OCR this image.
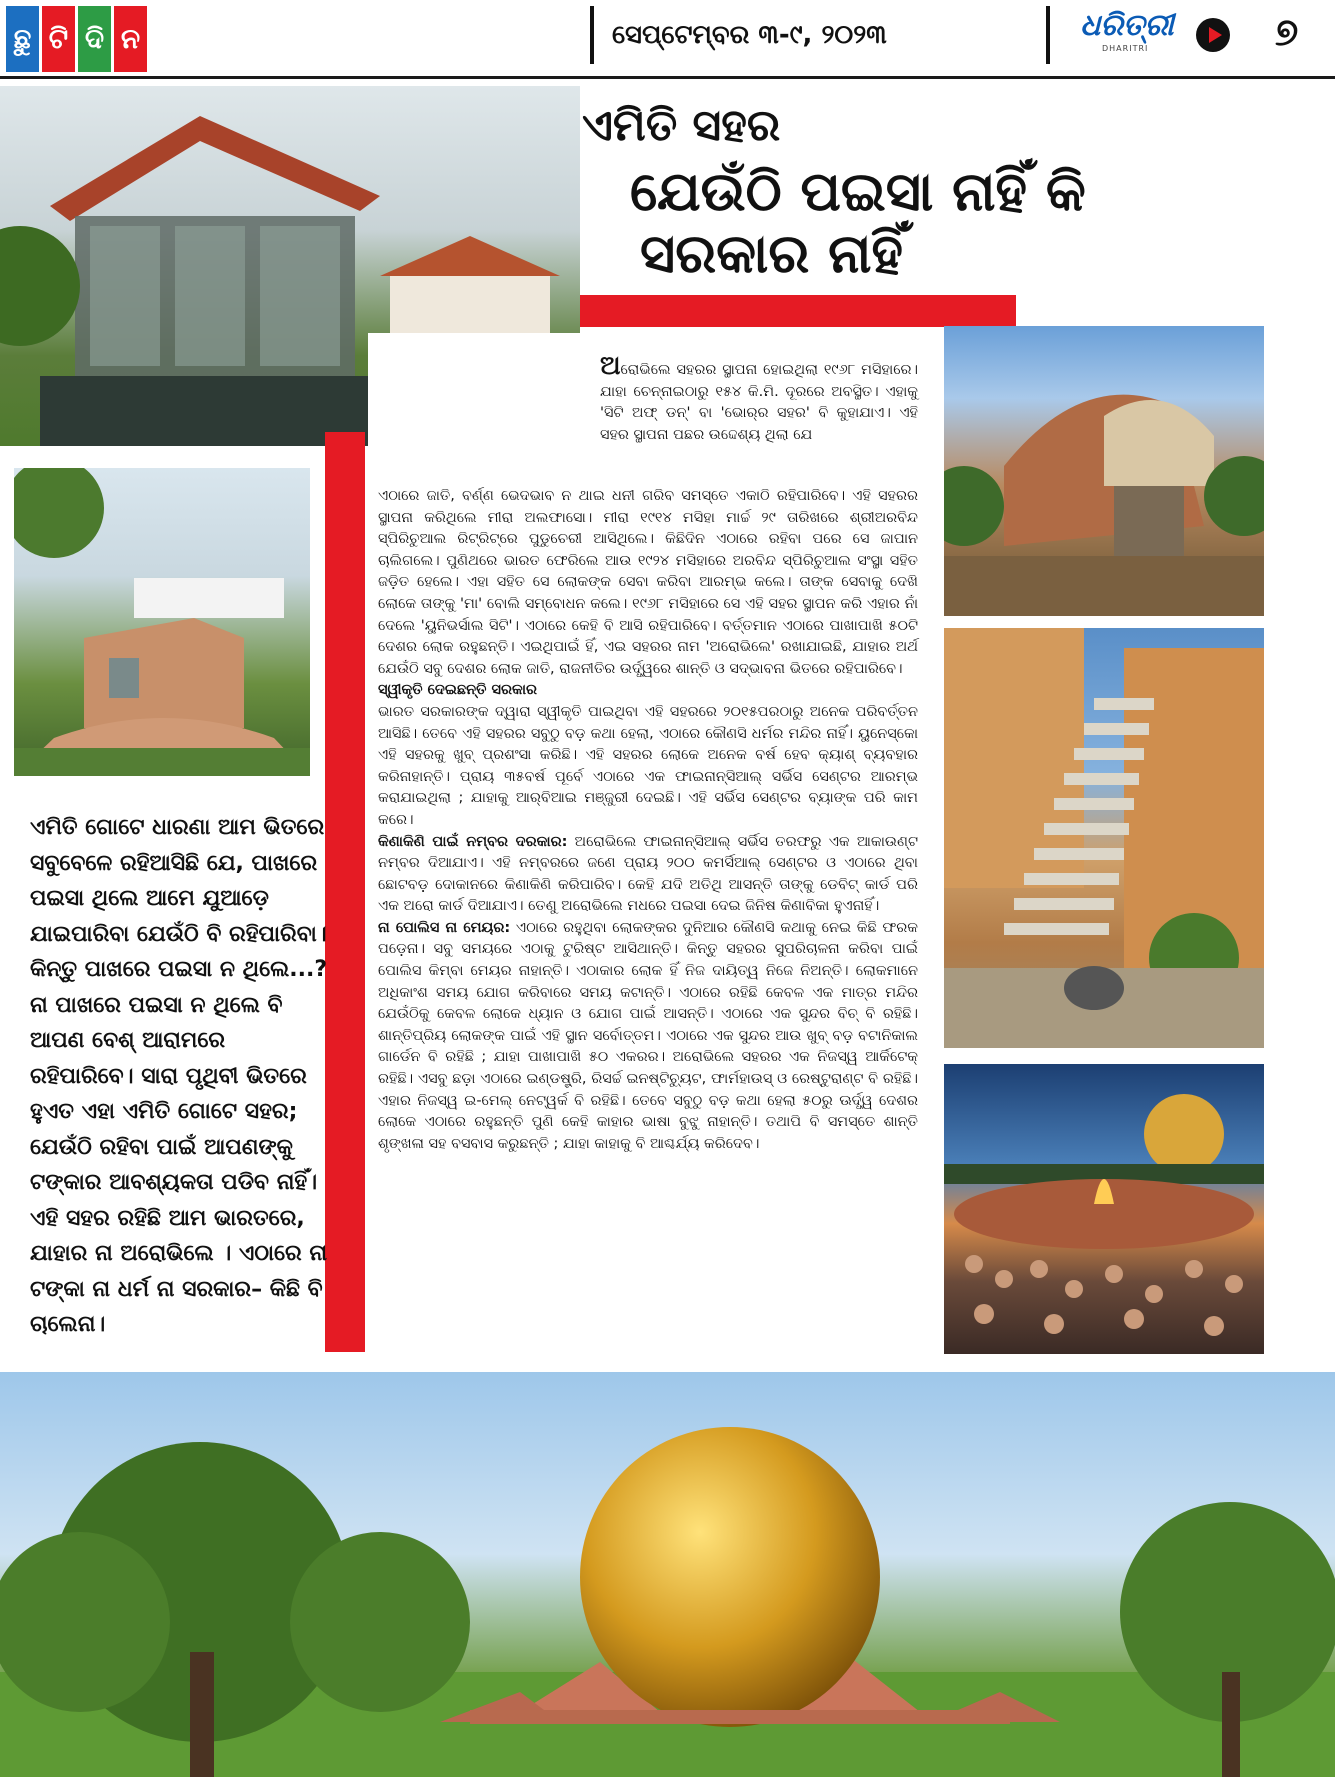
ଛୁ ଟି ଦି ନ	ସେପ୍ଟେମ୍ବର ୩-୯, ୨୦୨୩	ଧରିତ୍ରୀ
DHARITRI	୭
ଏମିତି ସହର
ଯେଉଁଠି ପଇସା ନାହିଁ କି
ସରକାର ନାହିଁ
ଅରୋଭିଲେ ସହରର ସ୍ଥାପନା ହୋଇଥିଲା ୧୯୬୮ ମସିହାରେ। ଯାହା ଚେନ୍ନାଇଠାରୁ ୧୫୪ କି.ମି. ଦୂରରେ ଅବସ୍ଥିତ। ଏହାକୁ 'ସିଟି ଅଫ୍ ଡନ୍' ବା 'ଭୋର୍‌ର ସହର' ବି କୁହାଯାଏ। ଏହି ସହର ସ୍ଥାପନା ପଛର ଉଦ୍ଦେଶ୍ୟ ଥିଲା ଯେ

ଏଠାରେ ଜାତି, ବର୍ଣ୍ଣ ଭେଦଭାବ ନ ଥାଇ ଧନୀ ଗରିବ ସମସ୍ତେ ଏକାଠି ରହିପାରିବେ। ଏହି ସହରର ସ୍ଥାପନା କରିଥିଲେ ମୀରା ଅଲଫାସୋ। ମୀରା ୧୯୧୪ ମସିହା ମାର୍ଚ୍ଚ ୨୯ ତାରିଖରେ ଶ୍ରୀଅରବିନ୍ଦ ସ୍ପିରିଚୁଆଲ ରିଟ୍ରିଟ୍‌ରେ ପୁଡୁଚେରୀ ଆସିଥିଲେ। କିଛିଦିନ ଏଠାରେ ରହିବା ପରେ ସେ ଜାପାନ ଚାଲିଗଲେ। ପୁଣିଥରେ ଭାରତ ଫେରିଲେ ଆଉ ୧୯୨୪ ମସିହାରେ ଅରବିନ୍ଦ ସ୍ପିରିଚୁଆଲ ସଂସ୍ଥା ସହିତ ଜଡ଼ିତ ହେଲେ। ଏହା ସହିତ ସେ ଲୋକଙ୍କ ସେବା କରିବା ଆରମ୍ଭ କଲେ। ତାଙ୍କ ସେବାକୁ ଦେଖି ଲୋକେ ତାଙ୍କୁ 'ମା' ବୋଲି ସମ୍ବୋଧନ କଲେ। ୧୯୬୮ ମସିହାରେ ସେ ଏହି ସହର ସ୍ଥାପନ କରି ଏହାର ନାଁ ଦେଲେ 'ୟୁନିଭର୍ସାଲ ସିଟି'। ଏଠାରେ କେହି ବି ଆସି ରହିପାରିବେ। ବର୍ତ୍ତମାନ ଏଠାରେ ପାଖାପାଖି ୫୦ଟି ଦେଶର ଲୋକ ରହୁଛନ୍ତି। ଏଇଥିପାଇଁ ହିଁ, ଏଇ ସହରର ନାମ 'ଅରୋଭିଲେ' ରଖାଯାଇଛି, ଯାହାର ଅର୍ଥ ଯେଉଁଠି ସବୁ ଦେଶର ଲୋକ ଜାତି, ରାଜନୀତିର ଉର୍ଦ୍ଧ୍ୱରେ ଶାନ୍ତି ଓ ସଦ୍‌ଭାବନା ଭିତରେ ରହିପାରିବେ।

ସ୍ୱୀକୃତି ଦେଇଛନ୍ତି ସରକାର

ଭାରତ ସରକାରଙ୍କ ଦ୍ୱାରା ସ୍ୱୀକୃତି ପାଇଥିବା ଏହି ସହରରେ ୨୦୧୫ପରଠାରୁ ଅନେକ ପରିବର୍ତ୍ତନ ଆସିଛି। ତେବେ ଏହି ସହରର ସବୁଠୁ ବଡ଼ କଥା ହେଲା, ଏଠାରେ କୌଣସି ଧର୍ମର ମନ୍ଦିର ନାହିଁ। ୟୁନେସ୍କୋ ଏହି ସହରକୁ ଖୁବ୍ ପ୍ରଶଂସା କରିଛି। ଏହି ସହରର ଲୋକେ ଅନେକ ବର୍ଷ ହେବ କ୍ୟାଶ୍ ବ୍ୟବହାର କରିନାହାନ୍ତି। ପ୍ରାୟ ୩୫ବର୍ଷ ପୂର୍ବେ ଏଠାରେ ଏକ ଫାଇନାନ୍ସିଆଲ୍ ସର୍ଭିସ ସେଣ୍ଟର ଆରମ୍ଭ କରାଯାଇଥିଲା ; ଯାହାକୁ ଆର୍‌ବିଆଇ ମଞ୍ଜୁରୀ ଦେଇଛି। ଏହି ସର୍ଭିସ ସେଣ୍ଟର ବ୍ୟାଙ୍କ ପରି କାମ କରେ।

କିଣାକିଣି ପାଇଁ ନମ୍ବର ଦରକାର: ଅରୋଭିଲେ ଫାଇନାନ୍ସିଆଲ୍ ସର୍ଭିସ ତରଫରୁ ଏକ ଆକାଉଣ୍ଟ ନମ୍ବର ଦିଆଯାଏ। ଏହି ନମ୍ବରରେ ଜଣେ ପ୍ରାୟ ୨୦୦ କମର୍ସିଆଲ୍ ସେଣ୍ଟର ଓ ଏଠାରେ ଥିବା ଛୋଟବଡ଼ ଦୋକାନରେ କିଣାକିଣି କରିପାରିବ। କେହି ଯଦି ଅତିଥି ଆସନ୍ତି ତାଙ୍କୁ ଡେବିଟ୍ କାର୍ଡ ପରି ଏକ ଅରୋ କାର୍ଡ ଦିଆଯାଏ। ତେଣୁ ଅରୋଭିଲେ ମଧରେ ପଇସା ଦେଇ ଜିନିଷ କିଣାବିକା ହୁଏନାହିଁ।

ନା ପୋଲିସ ନା ମେୟର: ଏଠାରେ ରହୁଥିବା ଲୋକଙ୍କର ଦୁନିଆର କୌଣସି କଥାକୁ ନେଇ କିଛି ଫରକ ପଡ଼େନା। ସବୁ ସମୟରେ ଏଠାକୁ ଟୁରିଷ୍ଟ ଆସିଥାନ୍ତି। କିନ୍ତୁ ସହରର ସୁପରିଚାଳନା କରିବା ପାଇଁ ପୋଲିସ କିମ୍ବା ମେୟର ନାହାନ୍ତି। ଏଠାକାର ଲୋକ ହିଁ ନିଜ ଦାୟିତ୍ୱ ନିଜେ ନିଅନ୍ତି। ଲୋକମାନେ ଅଧିକାଂଶ ସମୟ ଯୋଗ କରିବାରେ ସମୟ କଟାନ୍ତି। ଏଠାରେ ରହିଛି କେବଳ ଏକ ମାତ୍ର ମନ୍ଦିର ଯେଉଁଠିକୁ କେବଳ ଲୋକେ ଧ୍ୟାନ ଓ ଯୋଗ ପାଇଁ ଆସନ୍ତି। ଏଠାରେ ଏକ ସୁନ୍ଦର ବିଚ୍ ବି ରହିଛି। ଶାନ୍ତିପ୍ରିୟ ଲୋକଙ୍କ ପାଇଁ ଏହି ସ୍ଥାନ ସର୍ବୋତ୍ତମ। ଏଠାରେ ଏକ ସୁନ୍ଦର ଆଉ ଖୁବ୍ ବଡ଼ ବଟାନିକାଲ ଗାର୍ଡେନ ବି ରହିଛି ; ଯାହା ପାଖାପାଖି ୫୦ ଏକରର। ଅରୋଭିଲେ ସହରର ଏକ ନିଜସ୍ୱ ଆର୍କିଟେକ୍ ରହିଛି। ଏସବୁ ଛଡ଼ା ଏଠାରେ ଇଣ୍ଡଷ୍ଟ୍ରି, ରିସର୍ଚ୍ଚ ଇନଷ୍ଟିଚ୍ୟୁଟ, ଫାର୍ମହାଉସ୍ ଓ ରେଷ୍ଟୁରାଣ୍ଟ ବି ରହିଛି। ଏହାର ନିଜସ୍ୱ ଇ-ମେଲ୍ ନେଟ୍‌ୱର୍କ ବି ରହିଛି। ତେବେ ସବୁଠୁ ବଡ଼ କଥା ହେଲା ୫୦ରୁ ଊର୍ଦ୍ଧ୍ୱ ଦେଶର ଲୋକେ ଏଠାରେ ରହୁଛନ୍ତି ପୁଣି କେହି କାହାର ଭାଷା ବୁଝୁ ନାହାନ୍ତି। ତଥାପି ବି ସମସ୍ତେ ଶାନ୍ତି ଶୃଙ୍ଖଳା ସହ ବସବାସ କରୁଛନ୍ତି ; ଯାହା କାହାକୁ ବି ଆଶ୍ଚର୍ଯ୍ୟ କରିଦେବ।

ଏମିତି ଗୋଟେ ଧାରଣା ଆମ ଭିତରେ ସବୁବେଳେ ରହିଆସିଛି ଯେ, ପାଖରେ ପଇସା ଥିଲେ ଆମେ ଯୁଆଡ଼େ ଯାଇପାରିବା ଯେଉଁଠି ବି ରହିପାରିବା। କିନ୍ତୁ ପାଖରେ ପଇସା ନ ଥିଲେ...? ନା ପାଖରେ ପଇସା ନ ଥିଲେ ବି ଆପଣ ବେଶ୍ ଆରାମରେ ରହିପାରିବେ। ସାରା ପୃଥିବୀ ଭିତରେ ହୁଏତ ଏହା ଏମିତି ଗୋଟେ ସହର; ଯେଉଁଠି ରହିବା ପାଇଁ ଆପଣଙ୍କୁ ଟଙ୍କାର ଆବଶ୍ୟକତା ପଡିବ ନାହିଁ। ଏହି ସହର ରହିଛି ଆମ ଭାରତରେ, ଯାହାର ନା ଅରୋଭିଲେ । ଏଠାରେ ନା ଟଙ୍କା ନା ଧର୍ମ ନା ସରକାର– କିଛି ବି ଚାଲେନା।
